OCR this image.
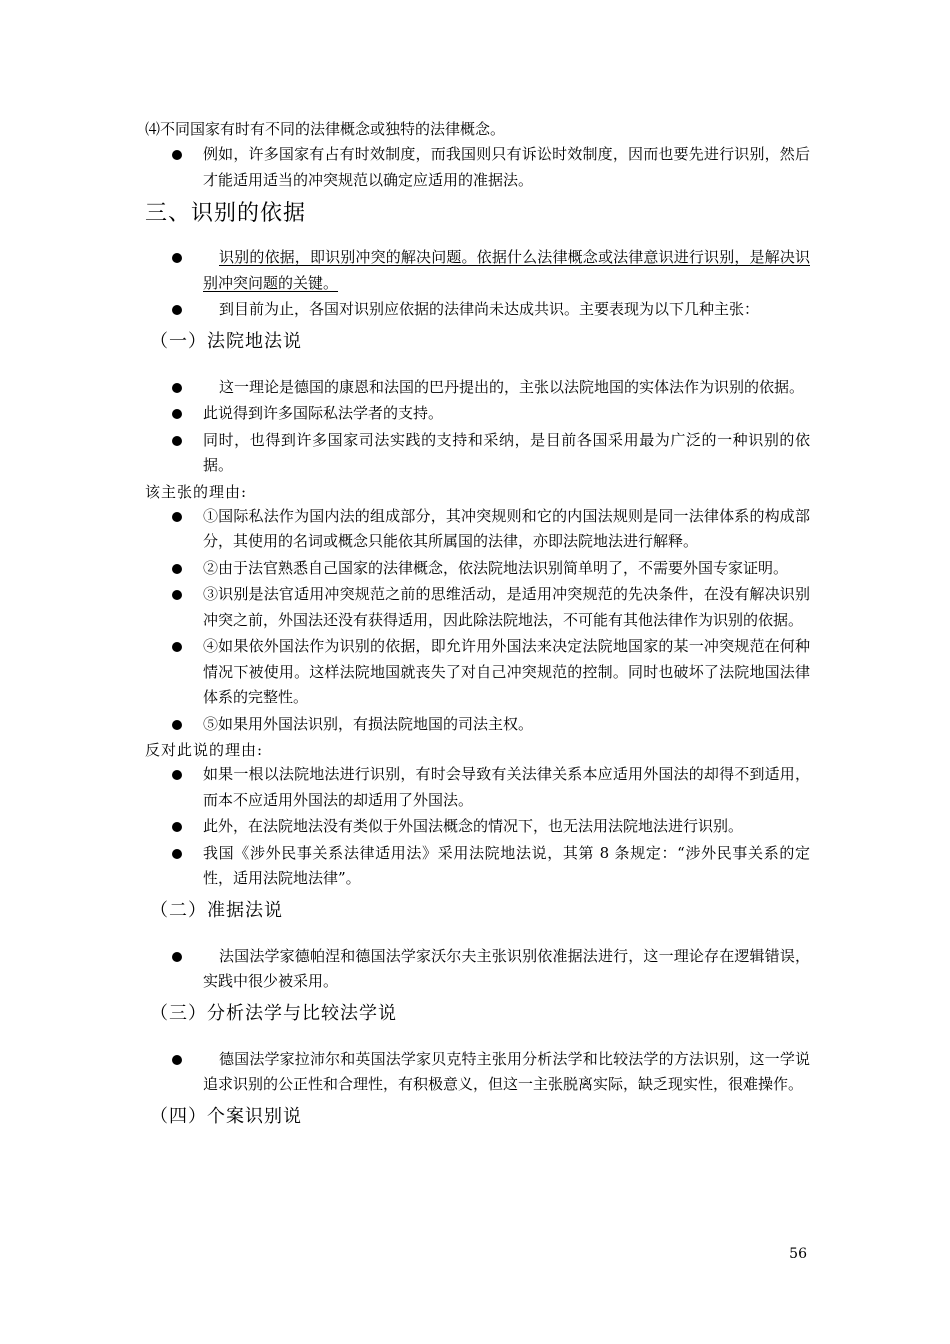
⑷不同国家有时有不同的法律概念或独特的法律概念。
例如，许多国家有占有时效制度，而我国则只有诉讼时效制度，因而也要先进行识别，然后才能适用适当的冲突规范以确定应适用的准据法。
三、识别的依据
识别的依据，即识别冲突的解决问题。依据什么法律概念或法律意识进行识别，是解决识别冲突问题的关键。
到目前为止，各国对识别应依据的法律尚未达成共识。主要表现为以下几种主张：
（一）法院地法说
这一理论是德国的康恩和法国的巴丹提出的，主张以法院地国的实体法作为识别的依据。
此说得到许多国际私法学者的支持。
同时，也得到许多国家司法实践的支持和采纳，是目前各国采用最为广泛的一种识别的依据。
该主张的理由:
①国际私法作为国内法的组成部分，其冲突规则和它的内国法规则是同一法律体系的构成部分，其使用的名词或概念只能依其所属国的法律，亦即法院地法进行解释。
②由于法官熟悉自己国家的法律概念，依法院地法识别简单明了，不需要外国专家证明。
③识别是法官适用冲突规范之前的思维活动，是适用冲突规范的先决条件，在没有解决识别冲突之前，外国法还没有获得适用，因此除法院地法，不可能有其他法律作为识别的依据。
④如果依外国法作为识别的依据，即允许用外国法来决定法院地国家的某一冲突规范在何种情况下被使用。这样法院地国就丧失了对自己冲突规范的控制。同时也破坏了法院地国法律体系的完整性。
⑤如果用外国法识别，有损法院地国的司法主权。
反对此说的理由:
如果一根以法院地法进行识别，有时会导致有关法律关系本应适用外国法的却得不到适用，而本不应适用外国法的却适用了外国法。
此外，在法院地法没有类似于外国法概念的情况下，也无法用法院地法进行识别。
我国《涉外民事关系法律适用法》采用法院地法说，其第 8 条规定：“涉外民事关系的定性，适用法院地法律”。
（二）准据法说
法国法学家德帕涅和德国法学家沃尔夫主张识别依准据法进行，这一理论存在逻辑错误，实践中很少被采用。
（三）分析法学与比较法学说
德国法学家拉沛尔和英国法学家贝克特主张用分析法学和比较法学的方法识别，这一学说追求识别的公正性和合理性，有积极意义，但这一主张脱离实际，缺乏现实性，很难操作。
（四）个案识别说
56
